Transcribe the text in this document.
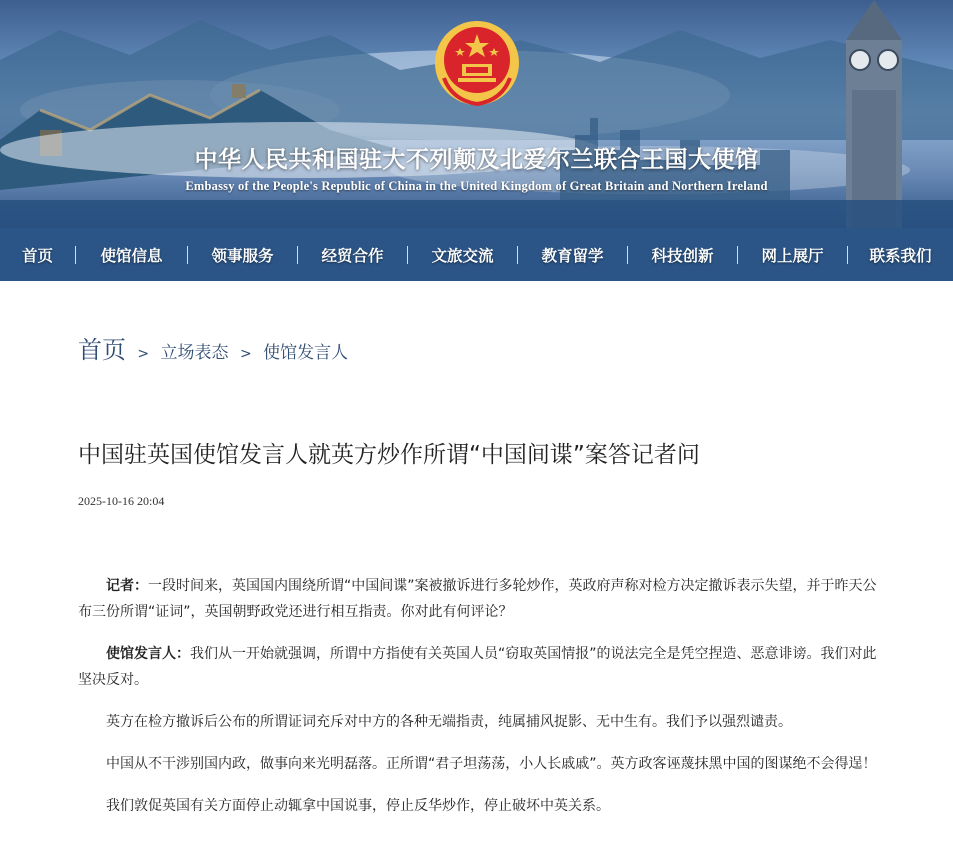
中华人民共和国驻大不列颠及北爱尔兰联合王国大使馆
Embassy of the People's Republic of China in the United Kingdom of Great Britain and Northern Ireland
首页	使馆信息	领事服务	经贸合作	文旅交流	教育留学	科技创新	网上展厅	联系我们
首页 > 立场表态 > 使馆发言人
中国驻英国使馆发言人就英方炒作所谓“中国间谍”案答记者问
2025-10-16 20:04

记者：一段时间来，英国国内围绕所谓“中国间谍”案被撤诉进行多轮炒作，英政府声称对检方决定撤诉表示失望，并于昨天公布三份所谓“证词”，英国朝野政党还进行相互指责。你对此有何评论？

使馆发言人：我们从一开始就强调，所谓中方指使有关英国人员“窃取英国情报”的说法完全是凭空捏造、恶意诽谤。我们对此坚决反对。

英方在检方撤诉后公布的所谓证词充斥对中方的各种无端指责，纯属捕风捉影、无中生有。我们予以强烈谴责。

中国从不干涉别国内政，做事向来光明磊落。正所谓“君子坦荡荡，小人长戚戚”。英方政客诬蔑抹黑中国的图谋绝不会得逞！

我们敦促英国有关方面停止动辄拿中国说事，停止反华炒作，停止破坏中英关系。
